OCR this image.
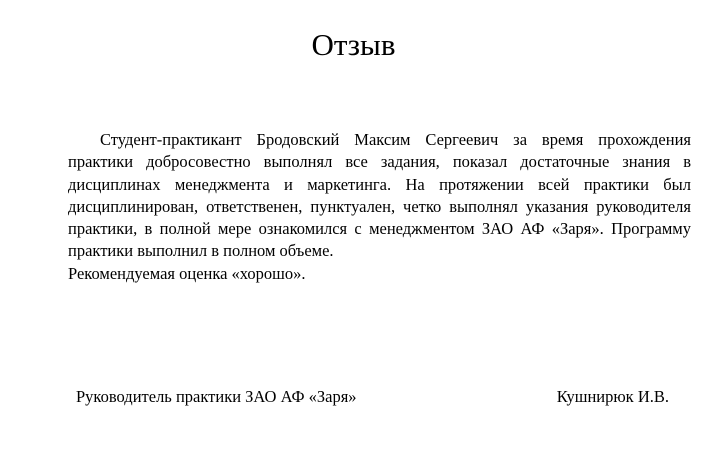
Отзыв

Студент-практикант Бродовский Максим Сергеевич за время прохождения практики добросовестно выполнял все задания, показал достаточные знания в дисциплинах менеджмента и маркетинга. На протяжении всей практики был дисциплинирован, ответственен, пунктуален, четко выполнял указания руководителя практики, в полной мере ознакомился с менеджментом ЗАО АФ «Заря». Программу практики выполнил в полном объеме.

Рекомендуемая оценка «хорошо».

Руководитель практики ЗАО АФ «Заря»	Кушнирюк И.В.
